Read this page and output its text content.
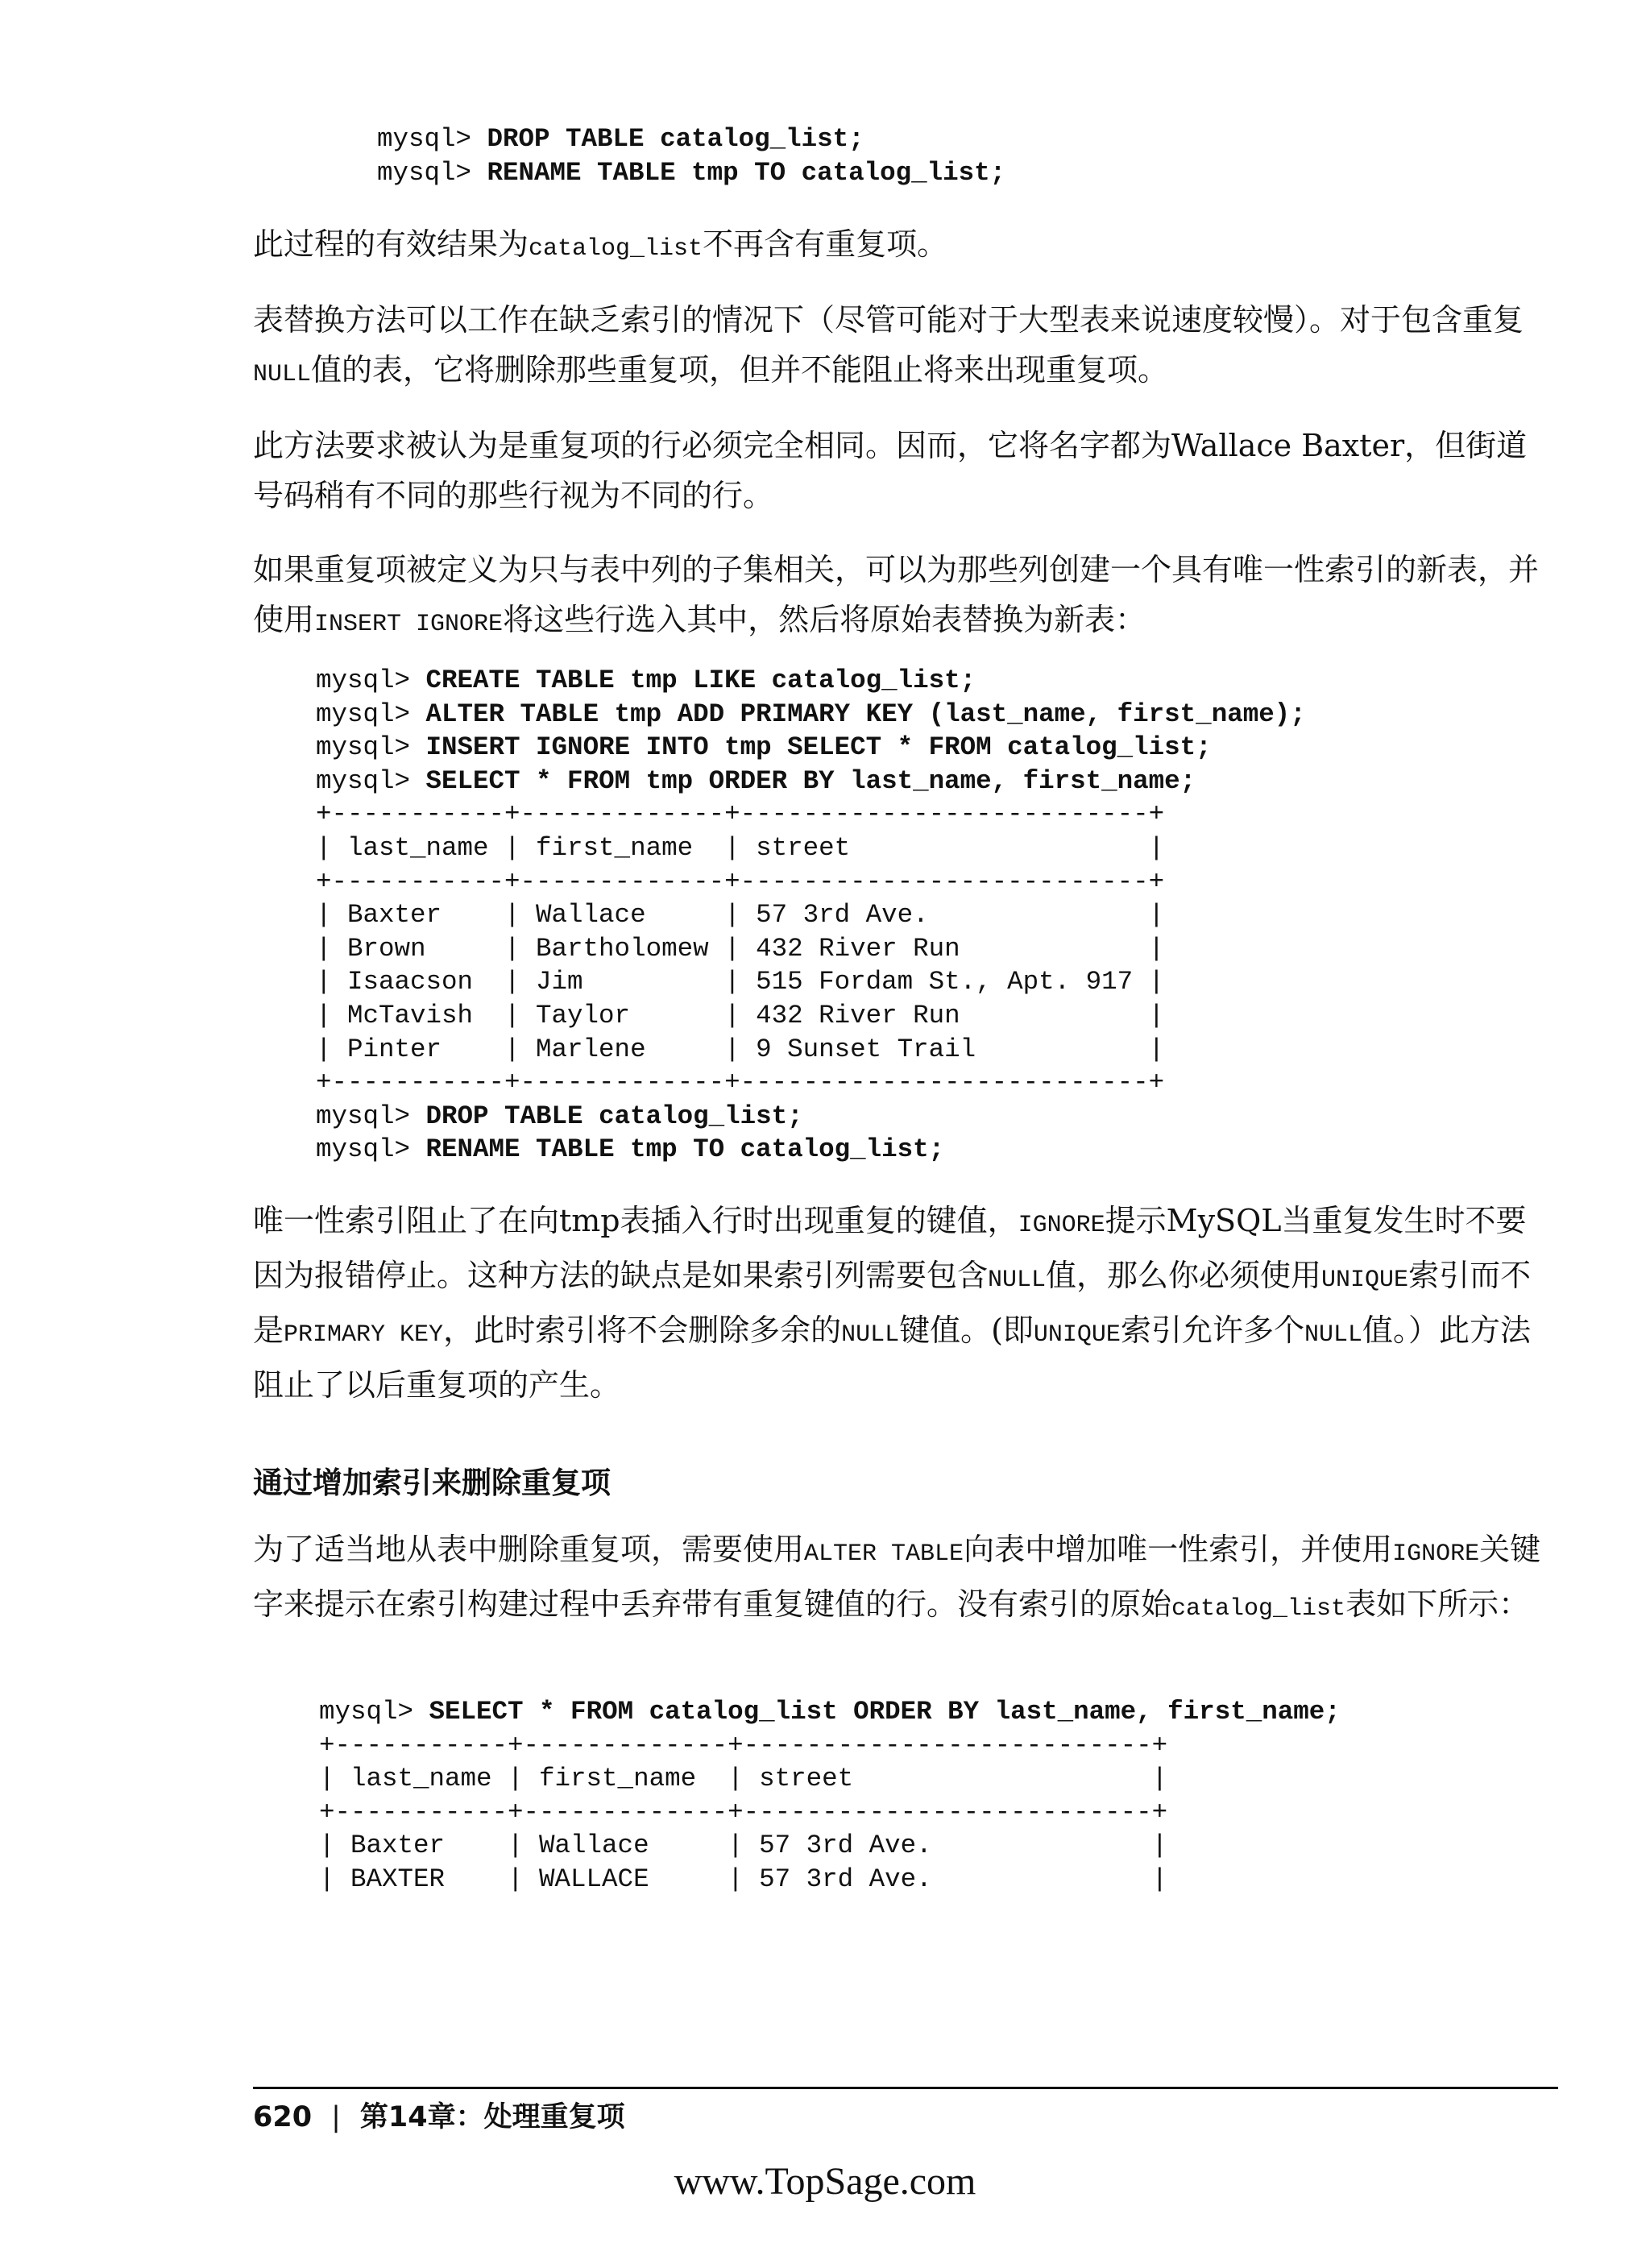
mysql> DROP TABLE catalog_list;
mysql> RENAME TABLE tmp TO catalog_list;

此过程的有效结果为catalog_list不再含有重复项。

表替换方法可以工作在缺乏索引的情况下（尽管可能对于大型表来说速度较慢）。对于包含重复NULL值的表，它将删除那些重复项，但并不能阻止将来出现重复项。

此方法要求被认为是重复项的行必须完全相同。因而，它将名字都为Wallace Baxter，但街道号码稍有不同的那些行视为不同的行。

如果重复项被定义为只与表中列的子集相关，可以为那些列创建一个具有唯一性索引的新表，并使用INSERT IGNORE将这些行选入其中，然后将原始表替换为新表：

mysql> CREATE TABLE tmp LIKE catalog_list;
mysql> ALTER TABLE tmp ADD PRIMARY KEY (last_name, first_name);
mysql> INSERT IGNORE INTO tmp SELECT * FROM catalog_list;
mysql> SELECT * FROM tmp ORDER BY last_name, first_name;
+-----------+-------------+--------------------------+
| last_name | first_name  | street                   |
+-----------+-------------+--------------------------+
| Baxter    | Wallace     | 57 3rd Ave.              |
| Brown     | Bartholomew | 432 River Run            |
| Isaacson  | Jim         | 515 Fordam St., Apt. 917 |
| McTavish  | Taylor      | 432 River Run            |
| Pinter    | Marlene     | 9 Sunset Trail           |
+-----------+-------------+--------------------------+
mysql> DROP TABLE catalog_list;
mysql> RENAME TABLE tmp TO catalog_list;

唯一性索引阻止了在向tmp表插入行时出现重复的键值，IGNORE提示MySQL当重复发生时不要因为报错停止。这种方法的缺点是如果索引列需要包含NULL值，那么你必须使用UNIQUE索引而不是PRIMARY KEY，此时索引将不会删除多余的NULL键值。(即UNIQUE索引允许多个NULL值。）此方法阻止了以后重复项的产生。

通过增加索引来删除重复项

为了适当地从表中删除重复项，需要使用ALTER TABLE向表中增加唯一性索引，并使用IGNORE关键字来提示在索引构建过程中丢弃带有重复键值的行。没有索引的原始catalog_list表如下所示：

mysql> SELECT * FROM catalog_list ORDER BY last_name, first_name;
+-----------+-------------+--------------------------+
| last_name | first_name  | street                   |
+-----------+-------------+--------------------------+
| Baxter    | Wallace     | 57 3rd Ave.              |
| BAXTER    | WALLACE     | 57 3rd Ave.              |
620 | 第14章：处理重复项
www.TopSage.com
